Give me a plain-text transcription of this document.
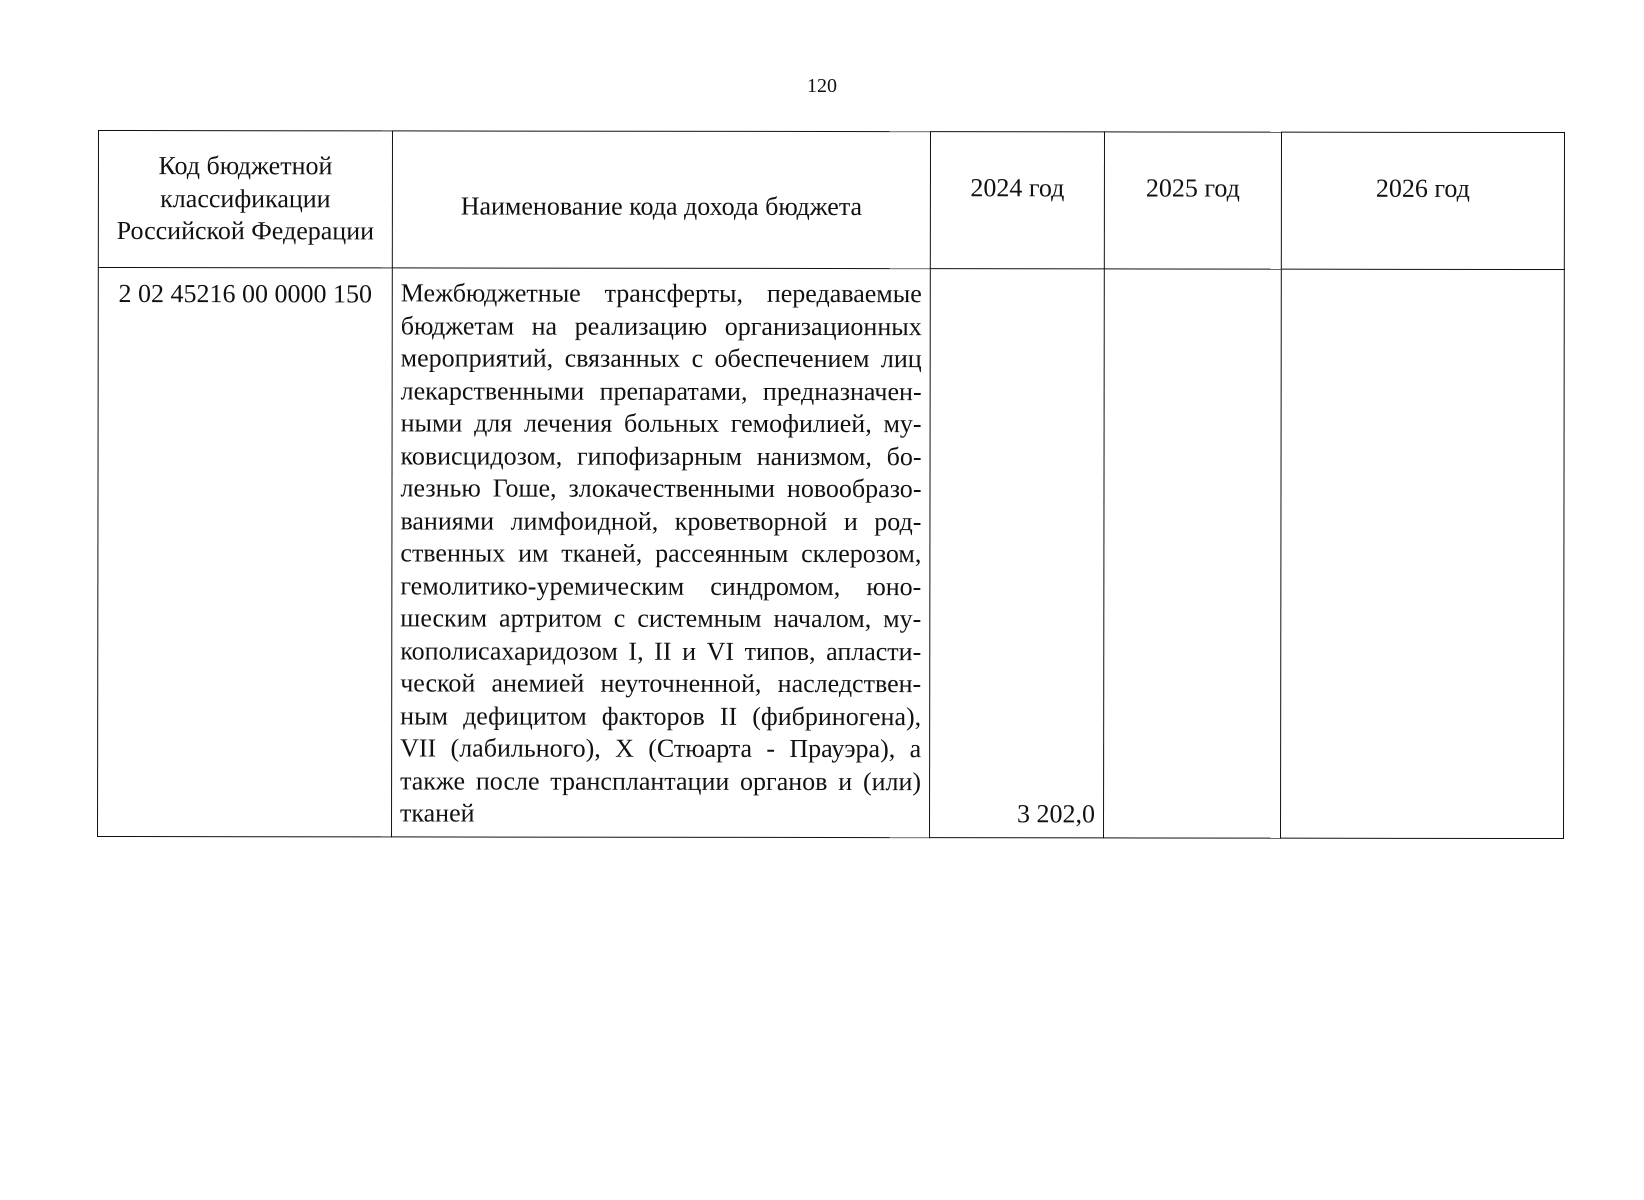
120
Код бюджетной классификации Российской Федерации	Наименование кода дохода бюджета	2024 год	2025 год	2026 год
2 02 45216 00 0000 150	Межбюджетные трансферты, передаваемые бюджетам на реализацию организационных мероприятий, связанных с обеспечением лиц лекарственными препаратами, предназначенными для лечения больных гемофилией, муковисцидозом, гипофизарным нанизмом, болезнью Гоше, злокачественными новообразованиями лимфоидной, кроветворной и родственных им тканей, рассеянным склерозом, гемолитико-уремическим синдромом, юношеским артритом с системным началом, мукополисахаридозом I, II и VI типов, апластической анемией неуточненной, наследственным дефицитом факторов II (фибриногена), VII (лабильного), X (Стюарта - Прауэра), а также после трансплантации органов и (или) тканей	3 202,0		
